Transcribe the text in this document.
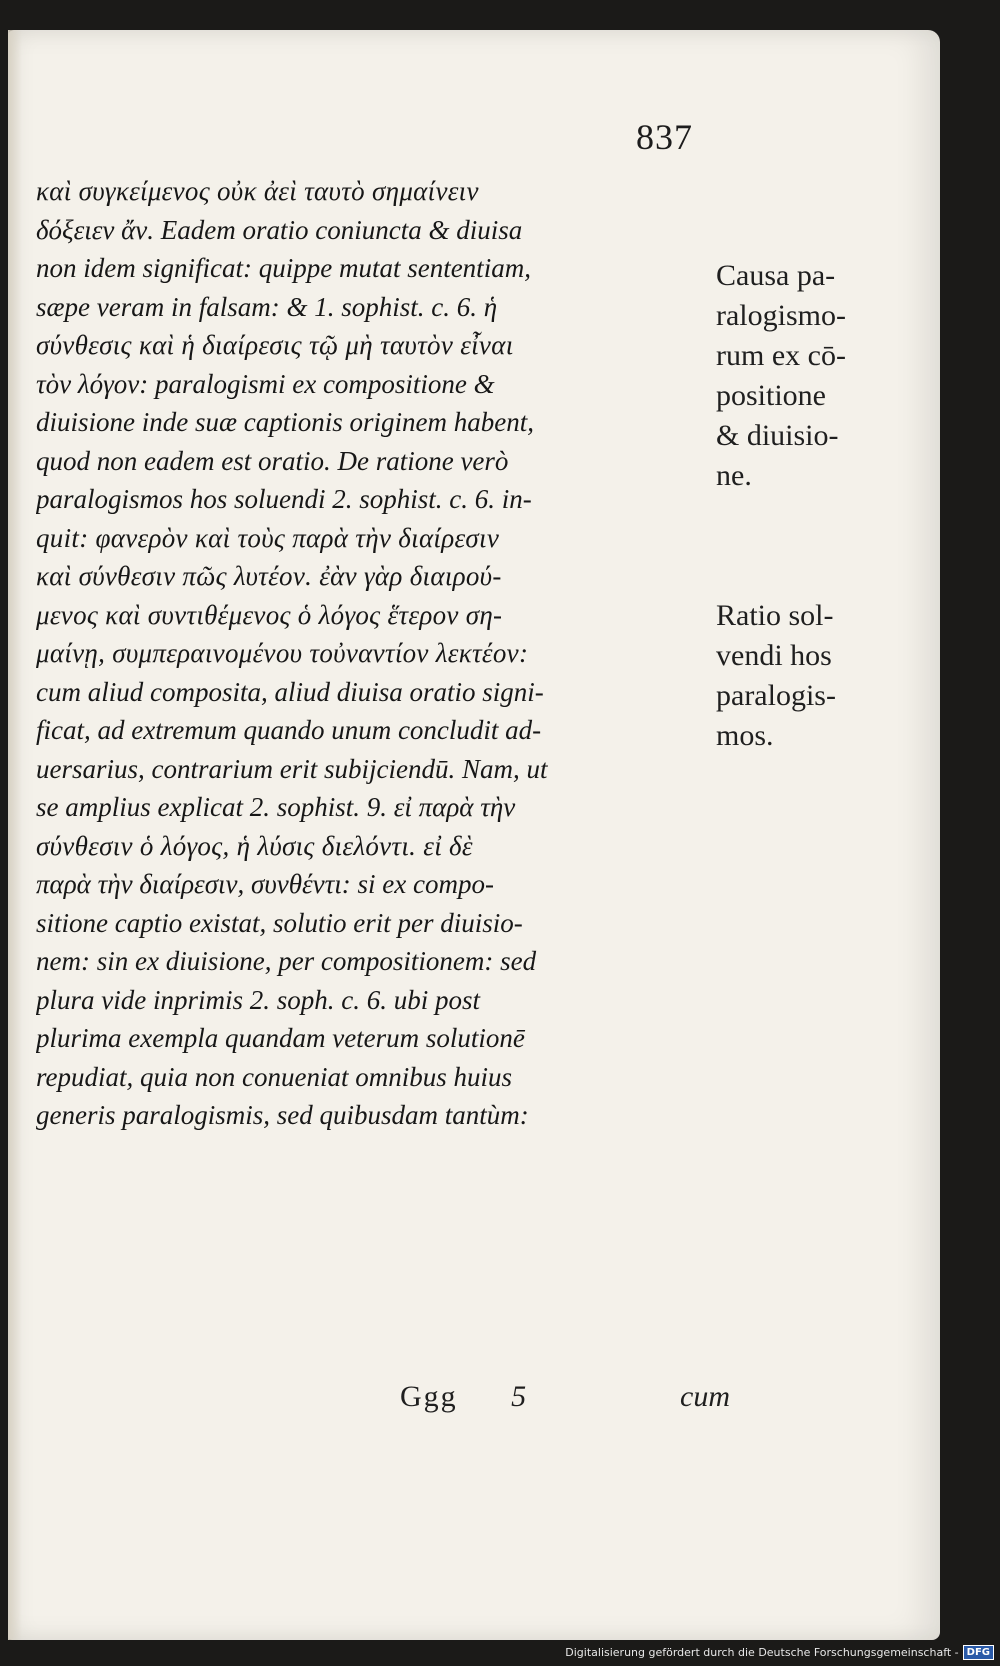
837
καὶ συγκείμενος οὐκ ἀεὶ ταυτὸ σημαίνειν
δόξειεν ἄν. Eadem oratio coniuncta & diuisa
non idem significat: quippe mutat sententiam,
sæpe veram in falsam: & 1. sophist. c. 6. ἡ
σύνθεσις καὶ ἡ διαίρεσις τῷ μὴ ταυτὸν εἶναι
τὸν λόγον: paralogismi ex compositione &
diuisione inde suæ captionis originem habent,
quod non eadem est oratio. De ratione verò
paralogismos hos soluendi 2. sophist. c. 6. in-
quit: φανερὸν καὶ τοὺς παρὰ τὴν διαίρεσιν
καὶ σύνθεσιν πῶς λυτέον. ἐὰν γὰρ διαιρού-
μενος καὶ συντιθέμενος ὁ λόγος ἕτερον ση-
μαίνῃ, συμπεραινομένου τοὐναντίον λεκτέον:
cum aliud composita, aliud diuisa oratio signi-
ficat, ad extremum quando unum concludit ad-
uersarius, contrarium erit subijciendū. Nam, ut
se amplius explicat 2. sophist. 9. εἰ παρὰ τὴν
σύνθεσιν ὁ λόγος, ἡ λύσις διελόντι. εἰ δὲ
παρὰ τὴν διαίρεσιν, συνθέντι: si ex compo-
sitione captio existat, solutio erit per diuisio-
nem: sin ex diuisione, per compositionem: sed
plura vide inprimis 2. soph. c. 6. ubi post
plurima exempla quandam veterum solutionē
repudiat, quia non conueniat omnibus huius
generis paralogismis, sed quibusdam tantùm:
Ggg 5	cum
Causa pa-
ralogismo-
rum ex cō-
positione
& diuisio-
ne.
Ratio sol-
vendi hos
paralogis-
mos.
Digitalisierung gefördert durch die Deutsche Forschungsgemeinschaft - DFG
